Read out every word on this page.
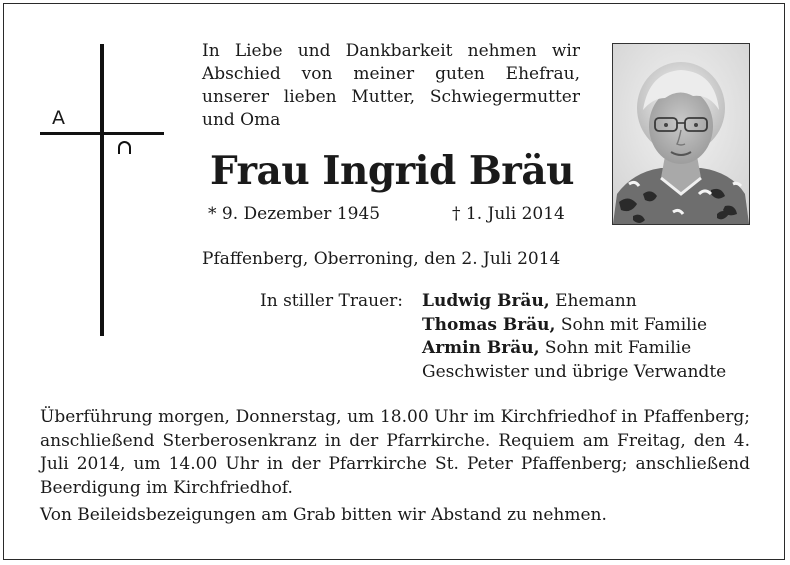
A
In Liebe und Dankbarkeit nehmen wir
Abschied von meiner guten Ehefrau,
unserer lieben Mutter, Schwiegermutter
und Oma
Frau Ingrid Bräu
* 9. Dezember 1945	† 1. Juli 2014
Pfaffenberg, Oberroning, den 2. Juli 2014
In stiller Trauer: Ludwig Bräu, Ehemann
Thomas Bräu, Sohn mit Familie
Armin Bräu, Sohn mit Familie
Geschwister und übrige Verwandte

Überführung morgen, Donnerstag, um 18.00 Uhr im Kirchfriedhof in Pfaffenberg; anschließend Sterberosenkranz in der Pfarrkirche. Requiem am Freitag, den 4. Juli 2014, um 14.00 Uhr in der Pfarrkirche St. Peter Pfaffenberg; anschließend Beerdigung im Kirchfriedhof.

Von Beileidsbezeigungen am Grab bitten wir Abstand zu nehmen.
